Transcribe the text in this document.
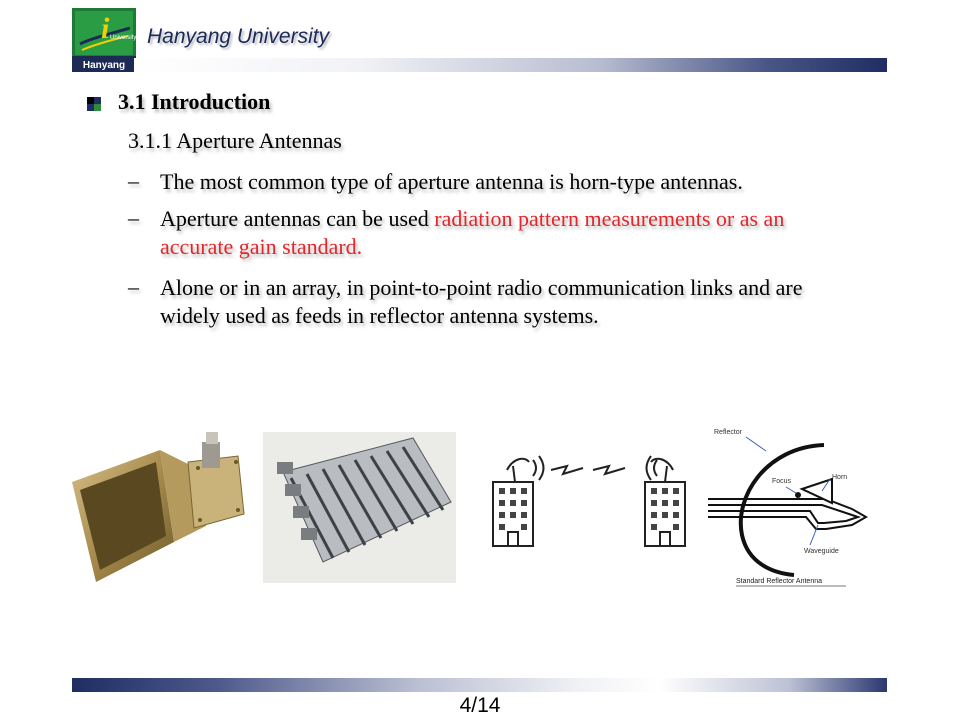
i University
Hanyang
Hanyang University
3.1 Introduction
3.1.1 Aperture Antennas
– The most common type of aperture antenna is horn-type antennas.
– Aperture antennas can be used radiation pattern measurements or as an accurate gain standard.
– Alone or in an array, in point-to-point radio communication links and are widely used as feeds in reflector antenna systems.
Reflector
Focus
Horn
Waveguide
Standard Reflector Antenna
4/14
